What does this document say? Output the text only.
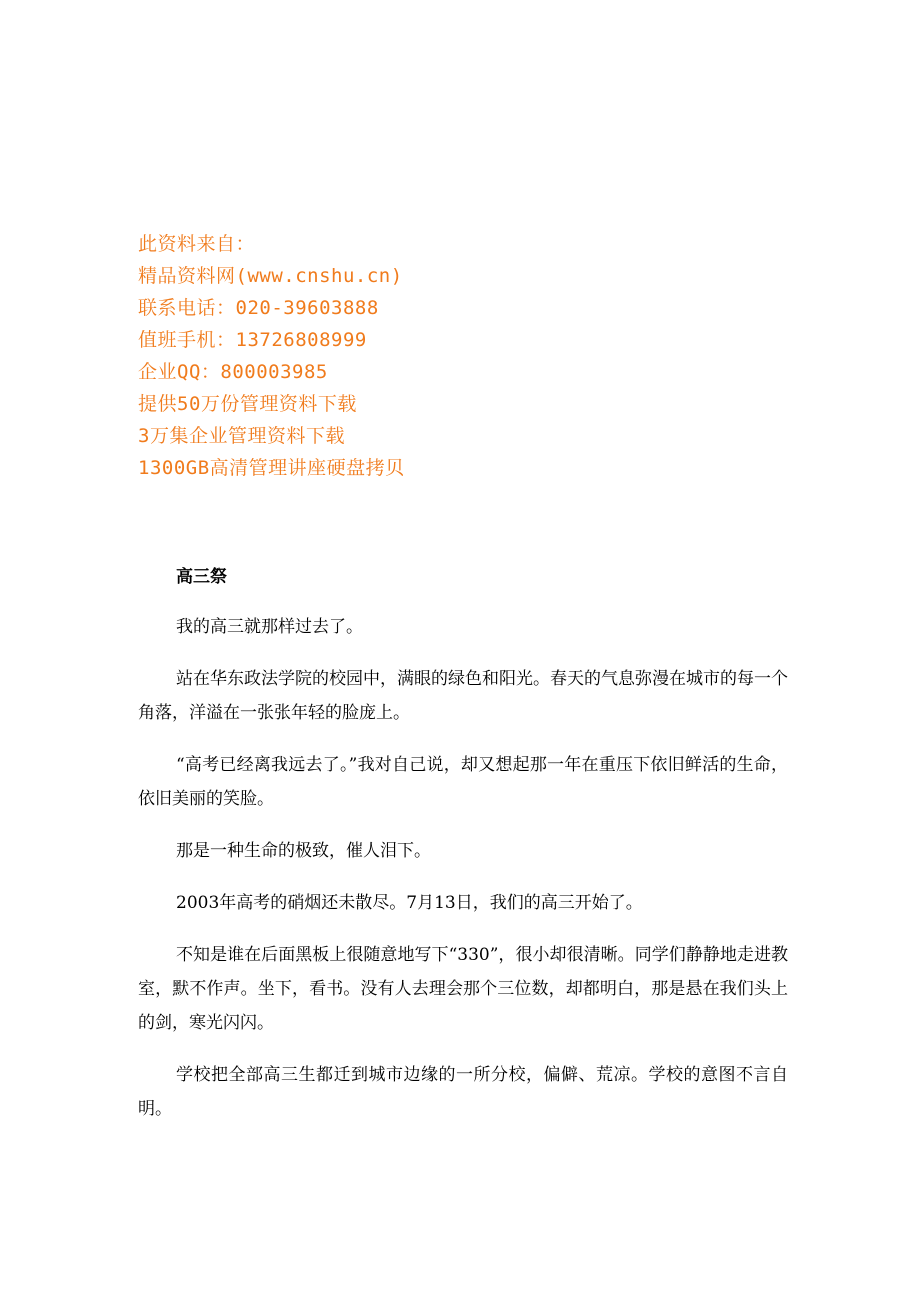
此资料来自：
精品资料网(www.cnshu.cn)
联系电话：020-39603888
值班手机：13726808999
企业QQ：800003985
提供50万份管理资料下载
3万集企业管理资料下载
1300GB高清管理讲座硬盘拷贝
高三祭

我的高三就那样过去了。

站在华东政法学院的校园中，满眼的绿色和阳光。春天的气息弥漫在城市的每一个角落，洋溢在一张张年轻的脸庞上。

“高考已经离我远去了。”我对自己说，却又想起那一年在重压下依旧鲜活的生命，依旧美丽的笑脸。

那是一种生命的极致，催人泪下。

2003年高考的硝烟还未散尽。7月13日，我们的高三开始了。

不知是谁在后面黑板上很随意地写下“330”，很小却很清晰。同学们静静地走进教室，默不作声。坐下，看书。没有人去理会那个三位数，却都明白，那是悬在我们头上的剑，寒光闪闪。

学校把全部高三生都迁到城市边缘的一所分校，偏僻、荒凉。学校的意图不言自明。
